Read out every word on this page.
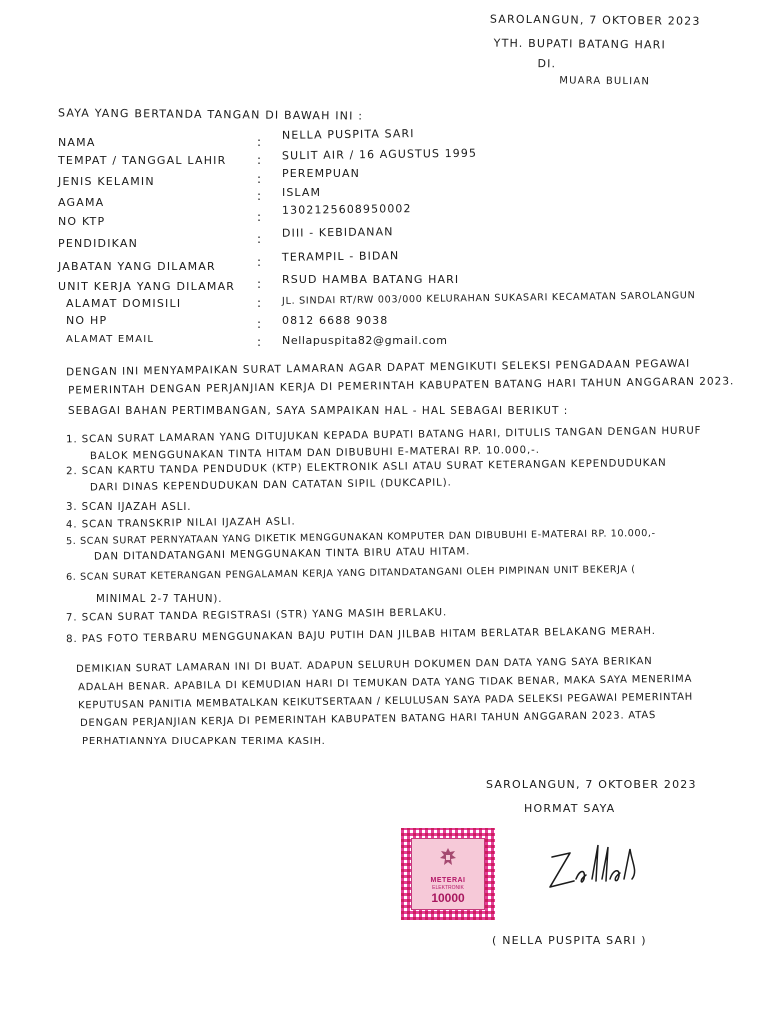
SAROLANGUN, 7 OKTOBER 2023
YTH. BUPATI BATANG HARI
DI.
MUARA BULIAN
SAYA YANG BERTANDA TANGAN DI BAWAH INI :
NAMA	:
NELLA PUSPITA SARI
TEMPAT / TANGGAL LAHIR	: SULIT AIR / 16 AGUSTUS 1995
JENIS KELAMIN	: PEREMPUAN
AGAMA	: ISLAM
NO KTP	:
1302125608950002
PENDIDIKAN	: DIII - KEBIDANAN
JABATAN YANG DILAMAR	: TERAMPIL - BIDAN
UNIT KERJA YANG DILAMAR : RSUD HAMBA BATANG HARI
ALAMAT DOMISILI	: JL. SINDAI RT/RW 003/000 KELURAHAN SUKASARI KECAMATAN SAROLANGUN
NO HP	: 0812 6688 9038
ALAMAT EMAIL	: Nellapuspita82@gmail.com
DENGAN INI MENYAMPAIKAN SURAT LAMARAN AGAR DAPAT MENGIKUTI SELEKSI PENGADAAN PEGAWAI
PEMERINTAH DENGAN PERJANJIAN KERJA DI PEMERINTAH KABUPATEN BATANG HARI TAHUN ANGGARAN 2023.
SEBAGAI BAHAN PERTIMBANGAN, SAYA SAMPAIKAN HAL - HAL SEBAGAI BERIKUT :
1. SCAN SURAT LAMARAN YANG DITUJUKAN KEPADA BUPATI BATANG HARI, DITULIS TANGAN DENGAN HURUF
BALOK MENGGUNAKAN TINTA HITAM DAN DIBUBUHI E-MATERAI RP. 10.000,-.
2. SCAN KARTU TANDA PENDUDUK (KTP) ELEKTRONIK ASLI ATAU SURAT KETERANGAN KEPENDUDUKAN
DARI DINAS KEPENDUDUKAN DAN CATATAN SIPIL (DUKCAPIL).
3. SCAN IJAZAH ASLI.
4. SCAN TRANSKRIP NILAI IJAZAH ASLI.
5. SCAN SURAT PERNYATAAN YANG DIKETIK MENGGUNAKAN KOMPUTER DAN DIBUBUHI E-MATERAI RP. 10.000,-
DAN DITANDATANGANI MENGGUNAKAN TINTA BIRU ATAU HITAM.
6. SCAN SURAT KETERANGAN PENGALAMAN KERJA YANG DITANDATANGANI OLEH PIMPINAN UNIT BEKERJA (
MINIMAL 2-7 TAHUN).
7. SCAN SURAT TANDA REGISTRASI (STR) YANG MASIH BERLAKU.
8. PAS FOTO TERBARU MENGGUNAKAN BAJU PUTIH DAN JILBAB HITAM BERLATAR BELAKANG MERAH.
DEMIKIAN SURAT LAMARAN INI DI BUAT. ADAPUN SELURUH DOKUMEN DAN DATA YANG SAYA BERIKAN
ADALAH BENAR. APABILA DI KEMUDIAN HARI DI TEMUKAN DATA YANG TIDAK BENAR, MAKA SAYA MENERIMA
KEPUTUSAN PANITIA MEMBATALKAN KEIKUTSERTAAN / KELULUSAN SAYA PADA SELEKSI PEGAWAI PEMERINTAH
DENGAN PERJANJIAN KERJA DI PEMERINTAH KABUPATEN BATANG HARI TAHUN ANGGARAN 2023. ATAS
PERHATIANNYA DIUCAPKAN TERIMA KASIH.
SAROLANGUN, 7 OKTOBER 2023
HORMAT SAYA
METERAI
ELEKTRONIK
10000
( NELLA PUSPITA SARI )
